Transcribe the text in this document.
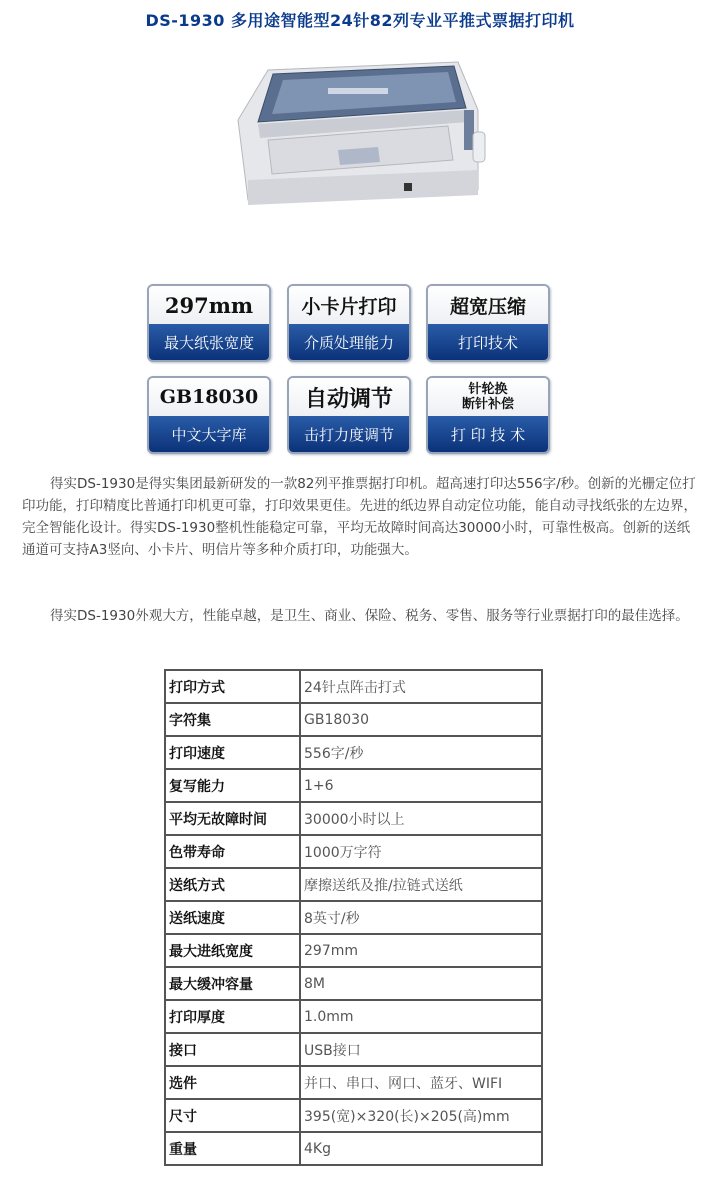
DS-1930 多用途智能型24针82列专业平推式票据打印机
297mm
最大纸张宽度
小卡片打印
介质处理能力
超宽压缩
打印技术
GB18030
中文大字库
自动调节
击打力度调节
针轮换
断针补偿
打 印 技 术
得实DS-1930是得实集团最新研发的一款82列平推票据打印机。超高速打印达556字/秒。创新的光栅定位打印功能，打印精度比普通打印机更可靠，打印效果更佳。先进的纸边界自动定位功能，能自动寻找纸张的左边界，完全智能化设计。得实DS-1930整机性能稳定可靠，平均无故障时间高达30000小时，可靠性极高。创新的送纸通道可支持A3竖向、小卡片、明信片等多种介质打印，功能强大。
得实DS-1930外观大方，性能卓越，是卫生、商业、保险、税务、零售、服务等行业票据打印的最佳选择。
打印方式	24针点阵击打式
字符集	GB18030
打印速度	556字/秒
复写能力	1+6
平均无故障时间	30000小时以上
色带寿命	1000万字符
送纸方式	摩擦送纸及推/拉链式送纸
送纸速度	8英寸/秒
最大进纸宽度	297mm
最大缓冲容量	8M
打印厚度	1.0mm
接口	USB接口
选件	并口、串口、网口、蓝牙、WIFI
尺寸	395(宽)×320(长)×205(高)mm
重量	4Kg
